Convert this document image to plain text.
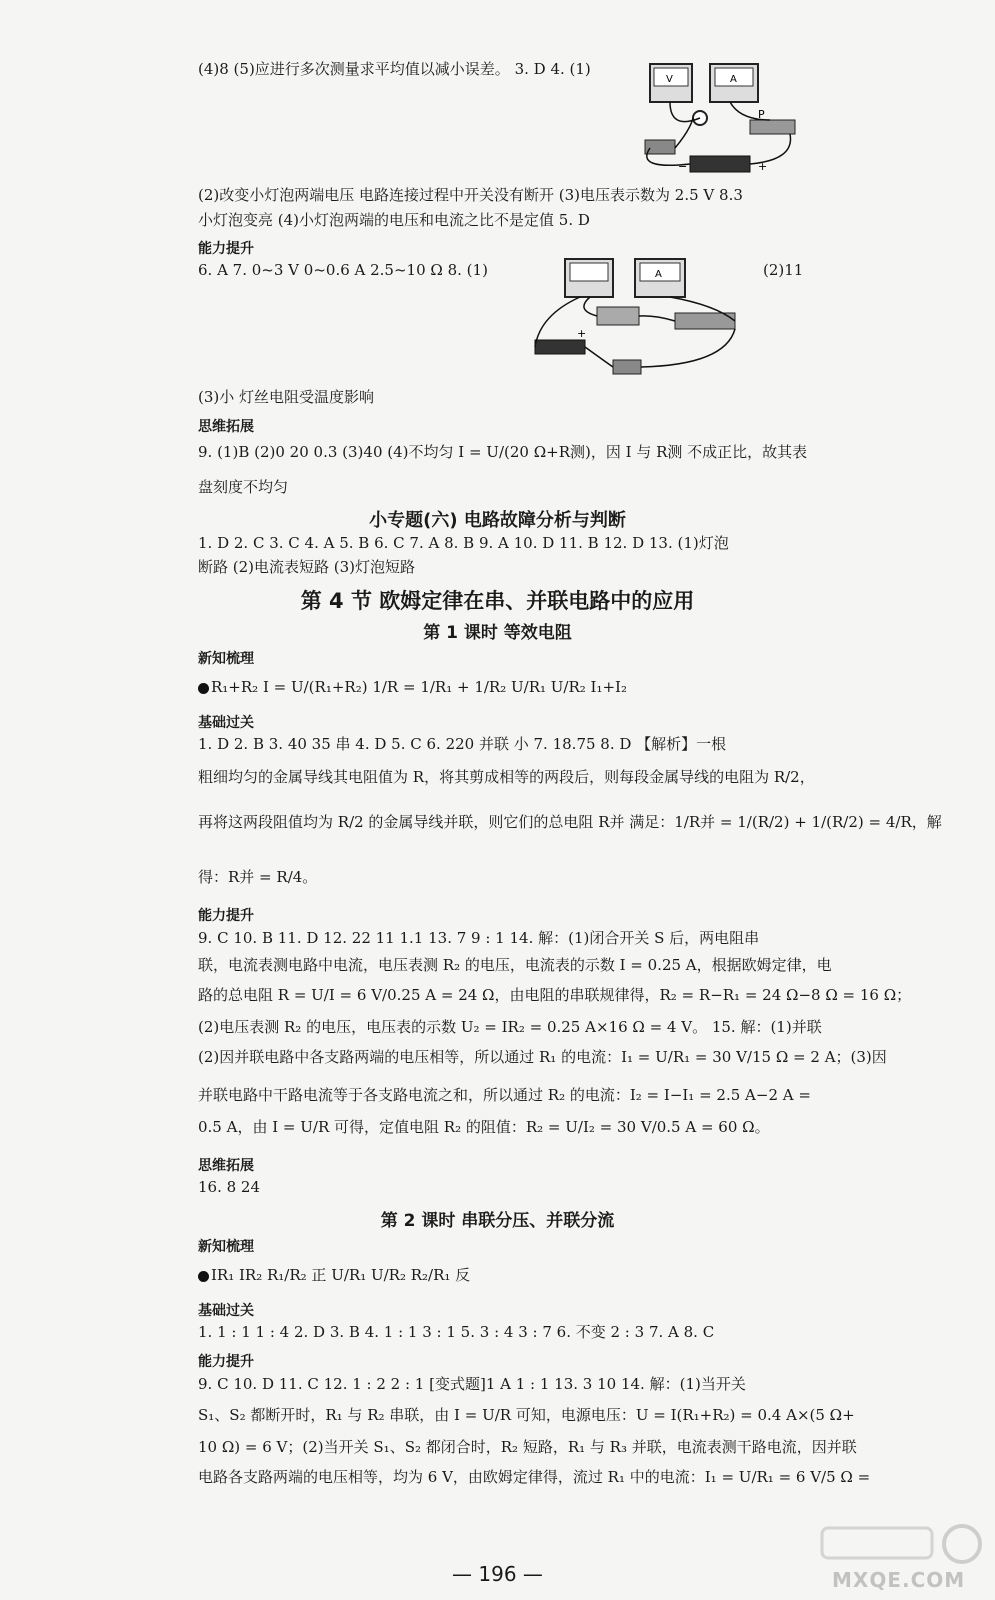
V	A
P
−	+
A
+
(4)8 (5)应进行多次测量求平均值以减小误差。 3. D 4. (1)
(2)改变小灯泡两端电压 电路连接过程中开关没有断开 (3)电压表示数为 2.5 V 8.3
小灯泡变亮 (4)小灯泡两端的电压和电流之比不是定值 5. D
能力提升
6. A 7. 0~3 V 0~0.6 A 2.5~10 Ω 8. (1)	(2)11
(3)小 灯丝电阻受温度影响
思维拓展
9. (1)B (2)0 20 0.3 (3)40 (4)不均匀 I = U/(20 Ω+R测)，因 I 与 R测 不成正比，故其表
盘刻度不均匀
小专题(六) 电路故障分析与判断
1. D 2. C 3. C 4. A 5. B 6. C 7. A 8. B 9. A 10. D 11. B 12. D 13. (1)灯泡
断路 (2)电流表短路 (3)灯泡短路
第 4 节 欧姆定律在串、并联电路中的应用
第 1 课时 等效电阻
新知梳理
R₁+R₂ I = U/(R₁+R₂) 1/R = 1/R₁ + 1/R₂ U/R₁ U/R₂ I₁+I₂
基础过关
1. D 2. B 3. 40 35 串 4. D 5. C 6. 220 并联 小 7. 18.75 8. D 【解析】一根
粗细均匀的金属导线其电阻值为 R，将其剪成相等的两段后，则每段金属导线的电阻为 R/2，
再将这两段阻值均为 R/2 的金属导线并联，则它们的总电阻 R并 满足：1/R并 = 1/(R/2) + 1/(R/2) = 4/R，解
得：R并 = R/4。
能力提升
9. C 10. B 11. D 12. 22 11 1.1 13. 7 9 : 1 14. 解：(1)闭合开关 S 后，两电阻串
联，电流表测电路中电流，电压表测 R₂ 的电压，电流表的示数 I = 0.25 A，根据欧姆定律，电
路的总电阻 R = U/I = 6 V/0.25 A = 24 Ω，由电阻的串联规律得，R₂ = R−R₁ = 24 Ω−8 Ω = 16 Ω；
(2)电压表测 R₂ 的电压，电压表的示数 U₂ = IR₂ = 0.25 A×16 Ω = 4 V。 15. 解：(1)并联
(2)因并联电路中各支路两端的电压相等，所以通过 R₁ 的电流：I₁ = U/R₁ = 30 V/15 Ω = 2 A；(3)因
并联电路中干路电流等于各支路电流之和，所以通过 R₂ 的电流：I₂ = I−I₁ = 2.5 A−2 A =
0.5 A，由 I = U/R 可得，定值电阻 R₂ 的阻值：R₂ = U/I₂ = 30 V/0.5 A = 60 Ω。
思维拓展
16. 8 24
第 2 课时 串联分压、并联分流
新知梳理
IR₁ IR₂ R₁/R₂ 正 U/R₁ U/R₂ R₂/R₁ 反
基础过关
1. 1 : 1 1 : 4 2. D 3. B 4. 1 : 1 3 : 1 5. 3 : 4 3 : 7 6. 不变 2 : 3 7. A 8. C
能力提升
9. C 10. D 11. C 12. 1 : 2 2 : 1 [变式题]1 A 1 : 1 13. 3 10 14. 解：(1)当开关
S₁、S₂ 都断开时，R₁ 与 R₂ 串联，由 I = U/R 可知，电源电压：U = I(R₁+R₂) = 0.4 A×(5 Ω+
10 Ω) = 6 V；(2)当开关 S₁、S₂ 都闭合时，R₂ 短路，R₁ 与 R₃ 并联，电流表测干路电流，因并联
电路各支路两端的电压相等，均为 6 V，由欧姆定律得，流过 R₁ 中的电流：I₁ = U/R₁ = 6 V/5 Ω =
— 196 —	MXQE.COM
